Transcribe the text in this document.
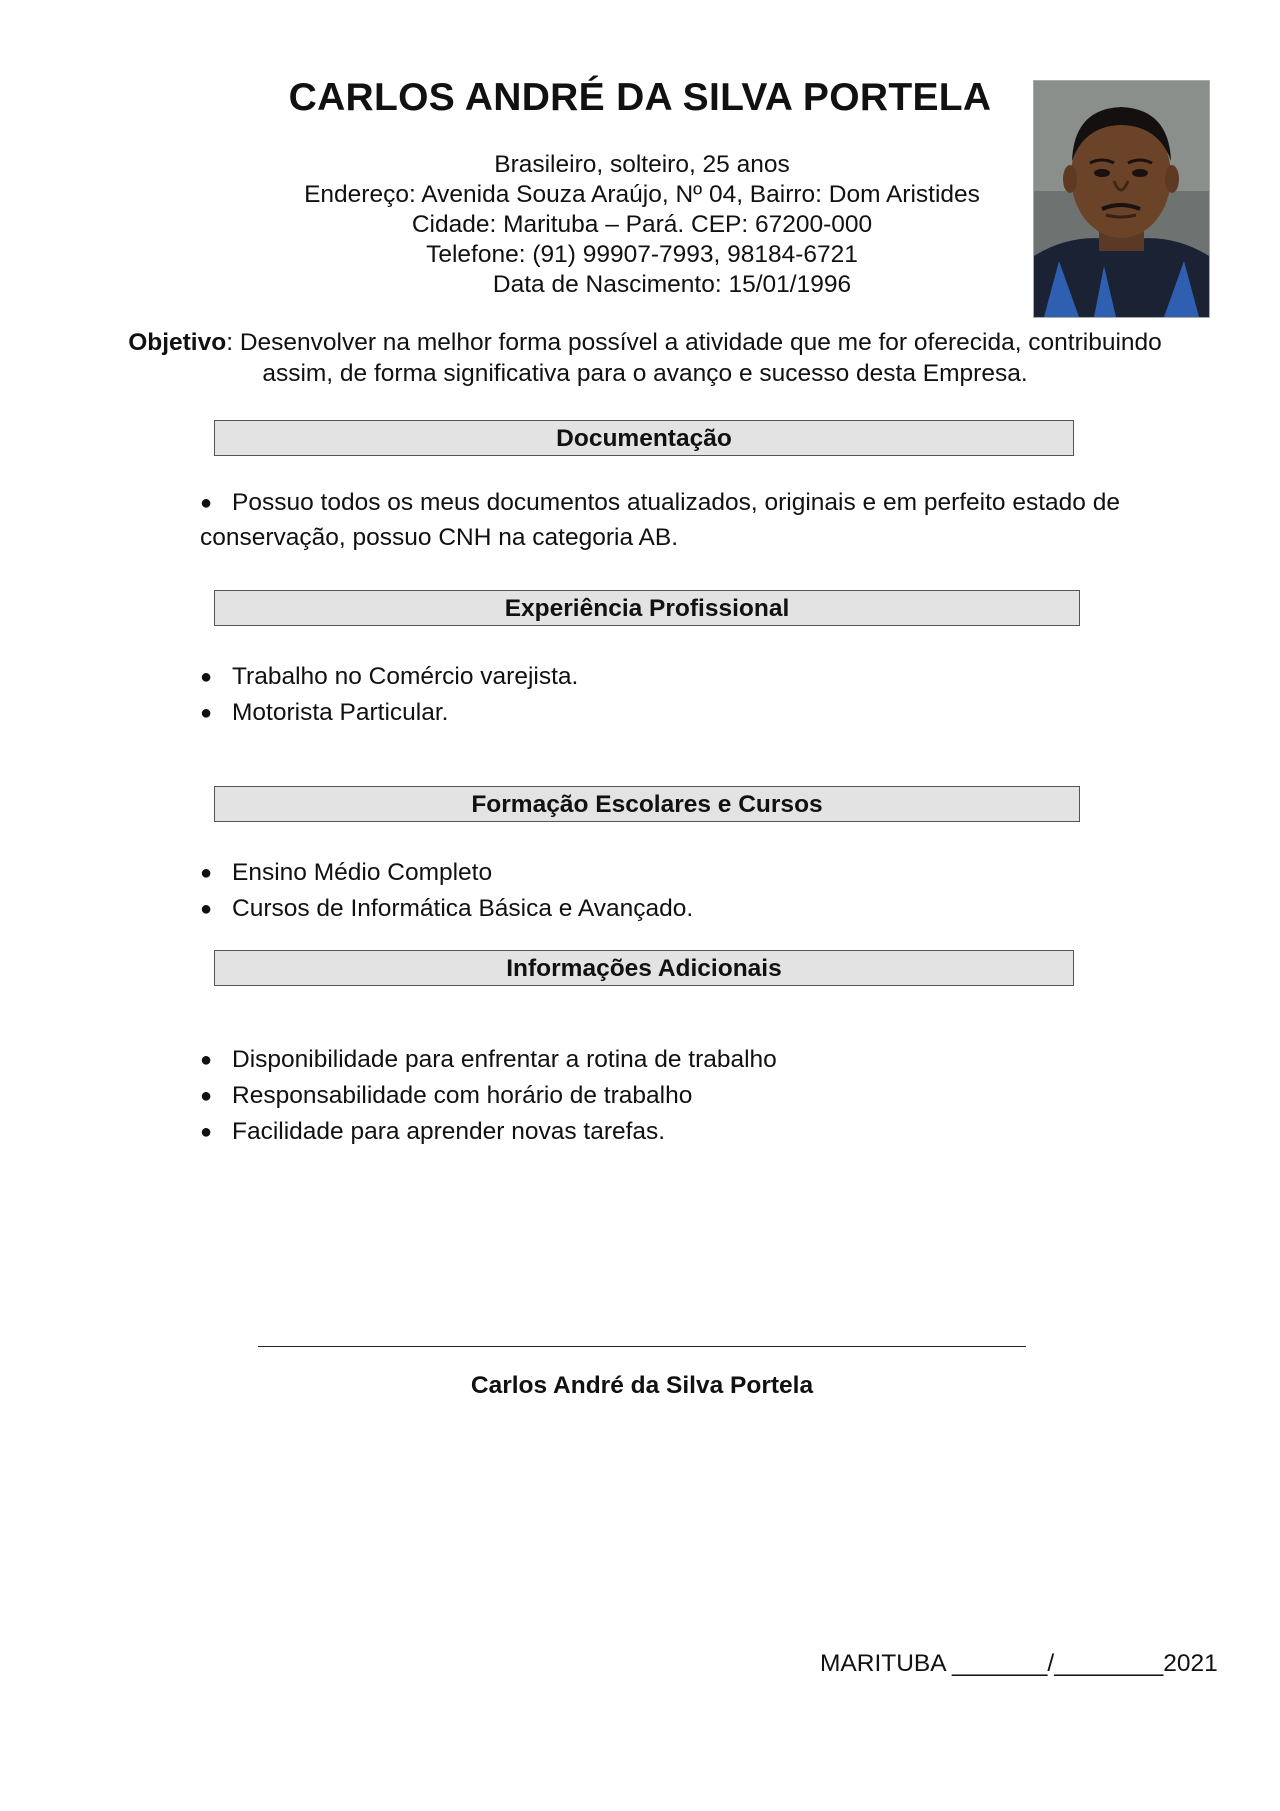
CARLOS ANDRÉ DA SILVA PORTELA
Brasileiro, solteiro, 25 anos
Endereço: Avenida Souza Araújo, Nº 04, Bairro: Dom Aristides
Cidade: Marituba – Pará. CEP: 67200-000
Telefone: (91) 99907-7993, 98184-6721
Data de Nascimento: 15/01/1996
Objetivo: Desenvolver na melhor forma possível a atividade que me for oferecida, contribuindo assim, de forma significativa para o avanço e sucesso desta Empresa.
Documentação
● Possuo todos os meus documentos atualizados, originais e em perfeito estado de
conservação, possuo CNH na categoria AB.
Experiência Profissional
● Trabalho no Comércio varejista.
● Motorista Particular.
Formação Escolares e Cursos
● Ensino Médio Completo
● Cursos de Informática Básica e Avançado.
Informações Adicionais
● Disponibilidade para enfrentar a rotina de trabalho
● Responsabilidade com horário de trabalho
● Facilidade para aprender novas tarefas.
Carlos André da Silva Portela
MARITUBA _______/________2021
